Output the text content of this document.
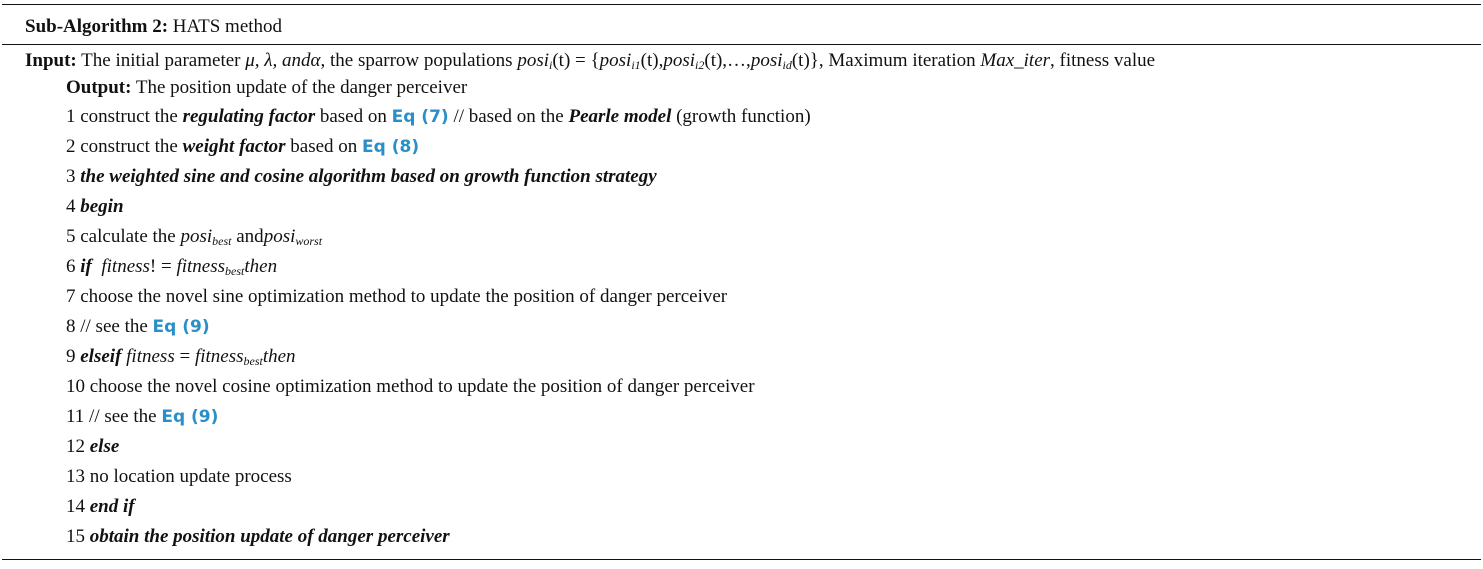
Sub-Algorithm 2: HATS method
Input: The initial parameter μ, λ, andα, the sparrow populations posi$_i$(t) = {posi$_{i1}$(t),posi$_{i2}$(t),…,posi$_{id}$(t)}, Maximum iteration Max_iter, fitness value
Output: The position update of the danger perceiver
1 construct the regulating factor based on Eq (7) // based on the Pearle model (growth function)
2 construct the weight factor based on Eq (8)
3 the weighted sine and cosine algorithm based on growth function strategy
4 begin
5 calculate the posi$_{best}$ andposi$_{worst}$
6 if fitness! = fitness$_{best}$then
7 choose the novel sine optimization method to update the position of danger perceiver
8 // see the Eq (9)
9 elseif fitness = fitness$_{best}$then
10 choose the novel cosine optimization method to update the position of danger perceiver
11 // see the Eq (9)
12 else
13 no location update process
14 end if
15 obtain the position update of danger perceiver
